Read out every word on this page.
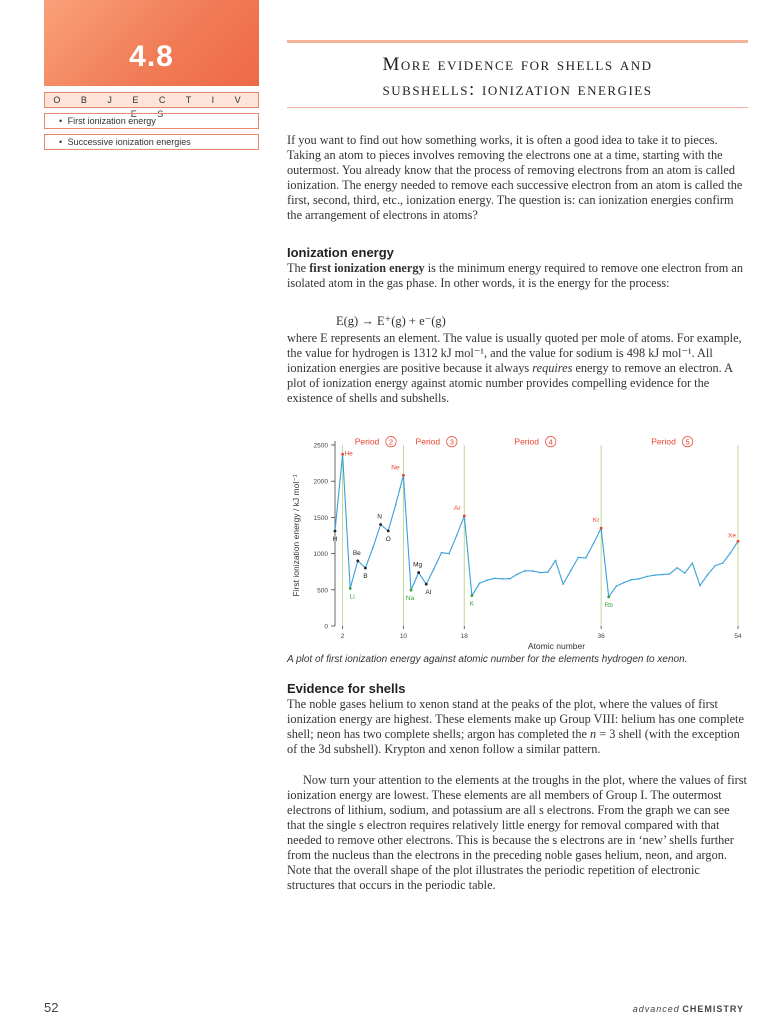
4.8
O B J E C T I V E S
• First ionization energy
• Successive ionization energies
More evidence for shells and
subshells: ionization energies

If you want to find out how something works, it is often a good idea to take it to pieces. Taking an atom to pieces involves removing the electrons one at a time, starting with the outermost. You already know that the process of removing electrons from an atom is called ionization. The energy needed to remove each successive electron from an atom is called the first, second, third, etc., ionization energy. The question is: can ionization energies confirm the arrangement of electrons in atoms?

Ionization energy

The first ionization energy is the minimum energy required to remove one electron from an isolated atom in the gas phase. In other words, it is the energy for the process:

E(g) → E⁺(g) + e⁻(g)

where E represents an element. The value is usually quoted per mole of atoms. For example, the value for hydrogen is 1312 kJ mol⁻¹, and the value for sodium is 498 kJ mol⁻¹. All ionization energies are positive because it always requires energy to remove an electron. A plot of ionization energy against atomic number provides compelling evidence for the existence of shells and subshells.

Period 2	Period 3	Period 4	Period 5
0
500
1000
1500
2000
2500
2	10	18	36	54
Atomic number
First ionization energy / kJ mol⁻¹	H
He
Li
Be
B
N
O
Ne
Na
Mg
Al
Ar
K
Kr
Rb
Xe
A plot of first ionization energy against atomic number for the elements hydrogen to xenon.
Evidence for shells

The noble gases helium to xenon stand at the peaks of the plot, where the values of first ionization energy are highest. These elements make up Group VIII: helium has one complete shell; neon has two complete shells; argon has completed the n = 3 shell (with the exception of the 3d subshell). Krypton and xenon follow a similar pattern.

Now turn your attention to the elements at the troughs in the plot, where the values of first ionization energy are lowest. These elements are all members of Group I. The outermost electrons of lithium, sodium, and potassium are all s electrons. From the graph we can see that the single s electron requires relatively little energy for removal compared with that needed to remove other electrons. This is because the s electrons are in ‘new’ shells further from the nucleus than the electrons in the preceding noble gases helium, neon, and argon. Note that the overall shape of the plot illustrates the periodic repetition of electronic structures that occurs in the periodic table.

52	advanced CHEMISTRY
